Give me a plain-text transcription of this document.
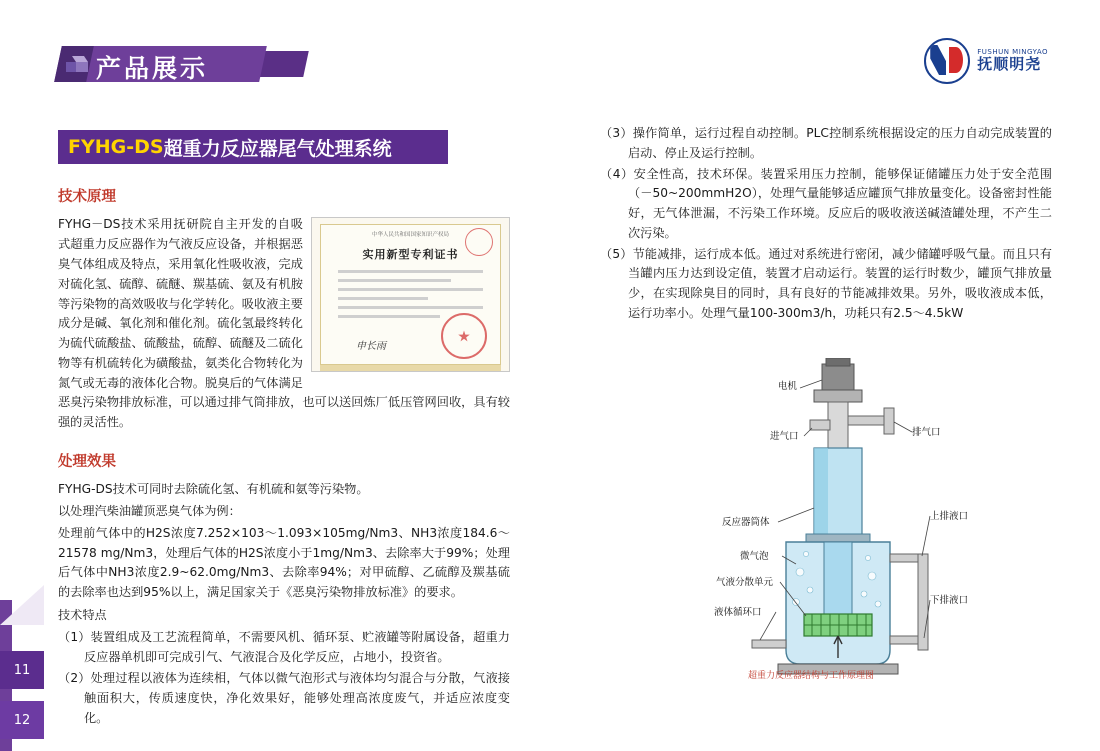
产品展示
FUSHUN MINGYAO
抚顺明尧
FYHG-DS 超重力反应器尾气处理系统
技术原理
中华人民共和国国家知识产权局
实用新型专利证书
申长雨
FYHG－DS技术采用抚研院自主开发的自吸式超重力反应器作为气液反应设备，并根据恶臭气体组成及特点，采用氧化性吸收液，完成对硫化氢、硫醇、硫醚、羰基硫、氨及有机胺等污染物的高效吸收与化学转化。吸收液主要成分是碱、氧化剂和催化剂。硫化氢最终转化为硫代硫酸盐、硫酸盐，硫醇、硫醚及二硫化物等有机硫转化为磺酸盐，氨类化合物转化为氮气或无毒的液体化合物。脱臭后的气体满足恶臭污染物排放标准，可以通过排气筒排放，也可以送回炼厂低压管网回收，具有较强的灵活性。
处理效果
FYHG-DS技术可同时去除硫化氢、有机硫和氨等污染物。
以处理汽柴油罐顶恶臭气体为例：
处理前气体中的H2S浓度7.252×103～1.093×105mg/Nm3、NH3浓度184.6～21578 mg/Nm3，处理后气体的H2S浓度小于1mg/Nm3、去除率大于99%；处理后气体中NH3浓度2.9~62.0mg/Nm3、去除率94%；对甲硫醇、乙硫醇及羰基硫的去除率也达到95%以上，满足国家关于《恶臭污染物排放标准》的要求。
技术特点
（1）装置组成及工艺流程简单，不需要风机、循环泵、贮液罐等附属设备，超重力反应器单机即可完成引气、气液混合及化学反应，占地小，投资省。
（2）处理过程以液体为连续相，气体以微气泡形式与液体均匀混合与分散，气液接触面积大，传质速度快，净化效果好，能够处理高浓度废气，并适应浓度变化。
（3）操作简单，运行过程自动控制。PLC控制系统根据设定的压力自动完成装置的启动、停止及运行控制。
（4）安全性高，技术环保。装置采用压力控制，能够保证储罐压力处于安全范围（－50~200mmH2O），处理气量能够适应罐顶气排放量变化。设备密封性能好，无气体泄漏，不污染工作环境。反应后的吸收液送碱渣罐处理，不产生二次污染。
（5）节能减排，运行成本低。通过对系统进行密闭，减少储罐呼吸气量。而且只有当罐内压力达到设定值，装置才启动运行。装置的运行时数少，罐顶气排放量少，在实现除臭目的同时，具有良好的节能减排效果。另外，吸收液成本低，运行功率小。处理气量100-300m3/h，功耗只有2.5～4.5kW
电机
进气口	排气口
反应器筒体
上排液口
微气泡
气液分散单元
下排液口
液体循环口
超重力反应器结构与工作原理图
11
12
